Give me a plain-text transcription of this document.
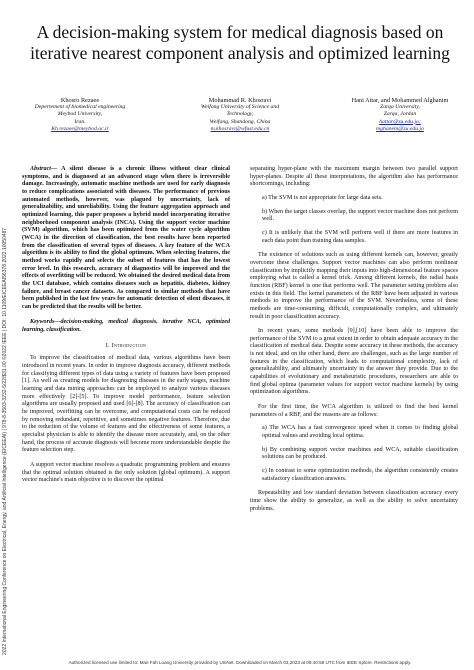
A decision-making system for medical diagnosis based on iterative nearest component analysis and optimized learning
2022 International Engineering Conference on Electrical, Energy, and Artificial Intelligence (EICEEAI) | 978-8-3503-3232-5/22/$31.00 ©2022 IEEE | DOI: 10.1109/EICEEAI56378.2022.10050487
Khosro Rezaee
Depertement of biomedical engineering
Meybod University,
Iran.
Kh.rezaee@meybod.ac.ir
Mohammad R. Khosravi
Weifang University of Science and
Technology,
Weifang, Shandong, China
m.khosravi@wfust.edu.cn
Hani Attar, and Mohammed Alghanim
Zarqa University,
Zarqa, Jordan
hattar@zu.edu.jo;
mghanem@zu.edu.jo

Abstract— A silent disease is a chronic illness without clear clinical symptoms, and is diagnosed at an advanced stage when there is irreversible damage. Increasingly, automatic machine methods are used for early diagnosis to reduce complications associated with diseases. The performance of previous automated methods, however, was plagued by uncertainty, lack of generalizability, and unreliability. Using the feature aggregation approach and optimized learning, this paper proposes a hybrid model incorporating iterative neighborhood component analysis (INCA). Using the support vector machine (SVM) algorithm, which has been optimized from the water cycle algorithm (WCA) in the direction of classification, the best results have been reported from the classification of several types of diseases. A key feature of the WCA algorithm is its ability to find the global optimum. When selecting features, the method works rapidly and selects the subset of features that has the lowest error level. In this research, accuracy of diagnostics will be improved and the effects of overfitting will be reduced. We obtained the desired medical data from the UCI database, which contains diseases such as hepatitis, diabetes, kidney failure, and breast cancer datasets. As compared to similar methods that have been published in the last few years for automatic detection of silent diseases, it can be predicted that the results will be better.

Keywords—decision-making, medical diagnosis, iterative NCA, optimized learning, classification.

I. Introduction

To improve the classification of medical data, various algorithms have been introduced in recent years. In order to improve diagnosis accuracy, different methods for classifying different types of data using a variety of features have been proposed [1]. As well as creating models for diagnosing diseases in the early stages, machine learning and data mining approaches can be employed to analyze various diseases more effectively [2]-[5]. To improve model performance, feature selection algorithms are usually proposed and used [6]-[8]. The accuracy of classification can be improved, overfitting can be overcome, and computational costs can be reduced by removing redundant, repetitive, and sometimes negative features. Therefore, due to the reduction of the volume of features and the effectiveness of some features, a specialist physician is able to identify the disease more accurately, and, on the other hand, the process of accurate diagnosis will become more understandable despite the feature selection step.

A support vector machine resolves a quadratic programming problem and ensures that the optimal solution obtained is the only solution (global optimum). A support vector machine's main objective is to discover the optimal

separating hyper-plane with the maximum margin between two parallel support hyper-planes. Despite all these interpretations, the algorithm also has performance shortcomings, including:

a) The SVM is not appropriate for large data sets.

b) When the target classes overlap, the support vector machine does not perform well.

c) It is unlikely that the SVM will perform well if there are more features in each data point than training data samples.

The existence of solutions such as using different kernels can, however, greatly overcome these challenges. Support vector machines can also perform nonlinear classification by implicitly mapping their inputs into high-dimensional feature spaces employing what is called a kernel trick. Among different kernels, the radial basis function (RBF) kernel is one that performs well. The parameter setting problem also exists in this field. The kernel parameters of the RBF have been adjusted in various methods to improve the performance of the SVM. Nevertheless, some of these methods are time-consuming, difficult, computationally complex, and ultimately result in poor classification accuracy.

In recent years, some methods [9],[10] have been able to improve the performance of the SVM to a great extent in order to obtain adequate accuracy in the classification of medical data. Despite some accuracy in these methods, the accuracy is not ideal, and on the other hand, there are challenges, such as the large number of features in the classification, which leads to computational complexity, lack of generalizability, and ultimately uncertainty in the answer they provide. Due to the capabilities of evolutionary and metaheuristic procedures, researchers are able to find global optima (parameter values for support vector machine kernels) by using optimization algorithms.

For the first time, the WCA algorithm is utilized to find the best kernel parameters of a RBF, and the reasons are as follows:

a) The WCA has a fast convergence speed when it comes to finding global optimal values and avoiding local optima.

b) By combining support vector machines and WCA, suitable classification solutions can be produced.

c) In contrast to some optimization methods, the algorithm consistently creates satisfactory classification answers.

Repeatability and low standard deviation between classification accuracy every time show the ability to generalize, as well as the ability to solve uncertainty problems.

Authorized licensed use limited to: Mae Fah Luang University provided by UniNet. Downloaded on March 03,2023 at 09:40:58 UTC from IEEE Xplore. Restrictions apply.
